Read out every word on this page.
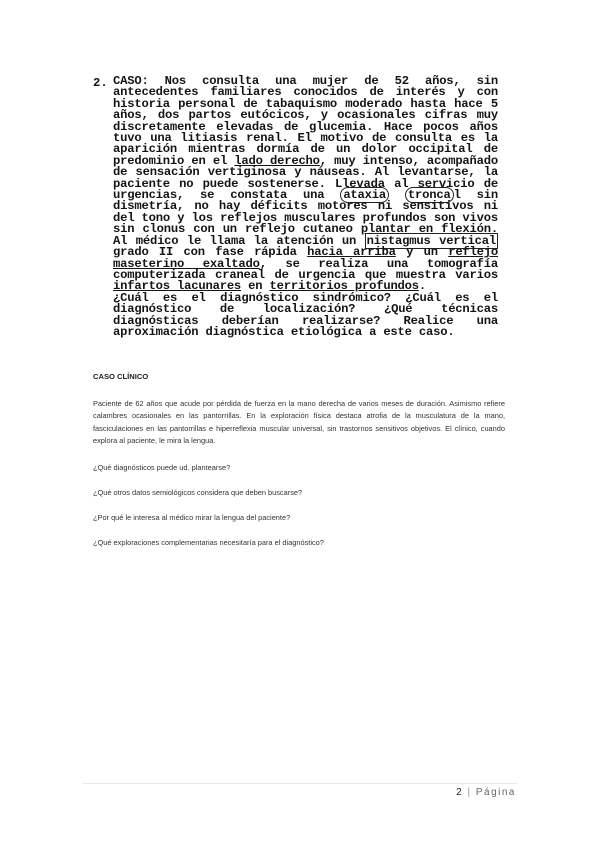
2. CASO: Nos consulta una mujer de 52 años, sin antecedentes familiares conocidos de interés y con historia personal de tabaquismo moderado hasta hace 5 años, dos partos eutócicos, y ocasionales cifras muy discretamente elevadas de glucemia. Hace pocos años tuvo una litiasis renal. El motivo de consulta es la aparición mientras dormía de un dolor occipital de predominio en el lado derecho, muy intenso, acompañado de sensación vertiginosa y náuseas. Al levantarse, la paciente no puede sostenerse. Llevada al servicio de urgencias, se constata una ataxia tronca l sin dismetría, no hay déficits motores ni sensitivos ni del tono y los reflejos musculares profundos son vivos sin clonus con un reflejo cutaneo plantar en flexión. Al médico le llama la atención un nistagmus vertical grado II con fase rápida hacia arriba y un reflejo maseterino exaltado, se realiza una tomografía computerizada craneal de urgencia que muestra varios infartos lacunares en territorios profundos.

¿Cuál es el diagnóstico sindrómico? ¿Cuál es el diagnóstico de localización? ¿Qué técnicas diagnósticas deberían realizarse? Realice una aproximación diagnóstica etiológica a este caso.

CASO CLÍNICO

Paciente de 62 años que acude por pérdida de fuerza en la mano derecha de varios meses de duración. Asimismo refiere calambres ocasionales en las pantorrillas. En la exploración física destaca atrofia de la musculatura de la mano, fasciculaciones en las pantorrillas e hiperreflexia muscular universal, sin trastornos sensitivos objetivos. El clínico, cuando explora al paciente, le mira la lengua.

¿Qué diagnósticos puede ud. plantearse?

¿Qué otros datos semiológicos considera que deben buscarse?

¿Por qué le interesa al médico mirar la lengua del paciente?

¿Qué exploraciones complementarias necesitaría para el diagnóstico?

2 | Página
